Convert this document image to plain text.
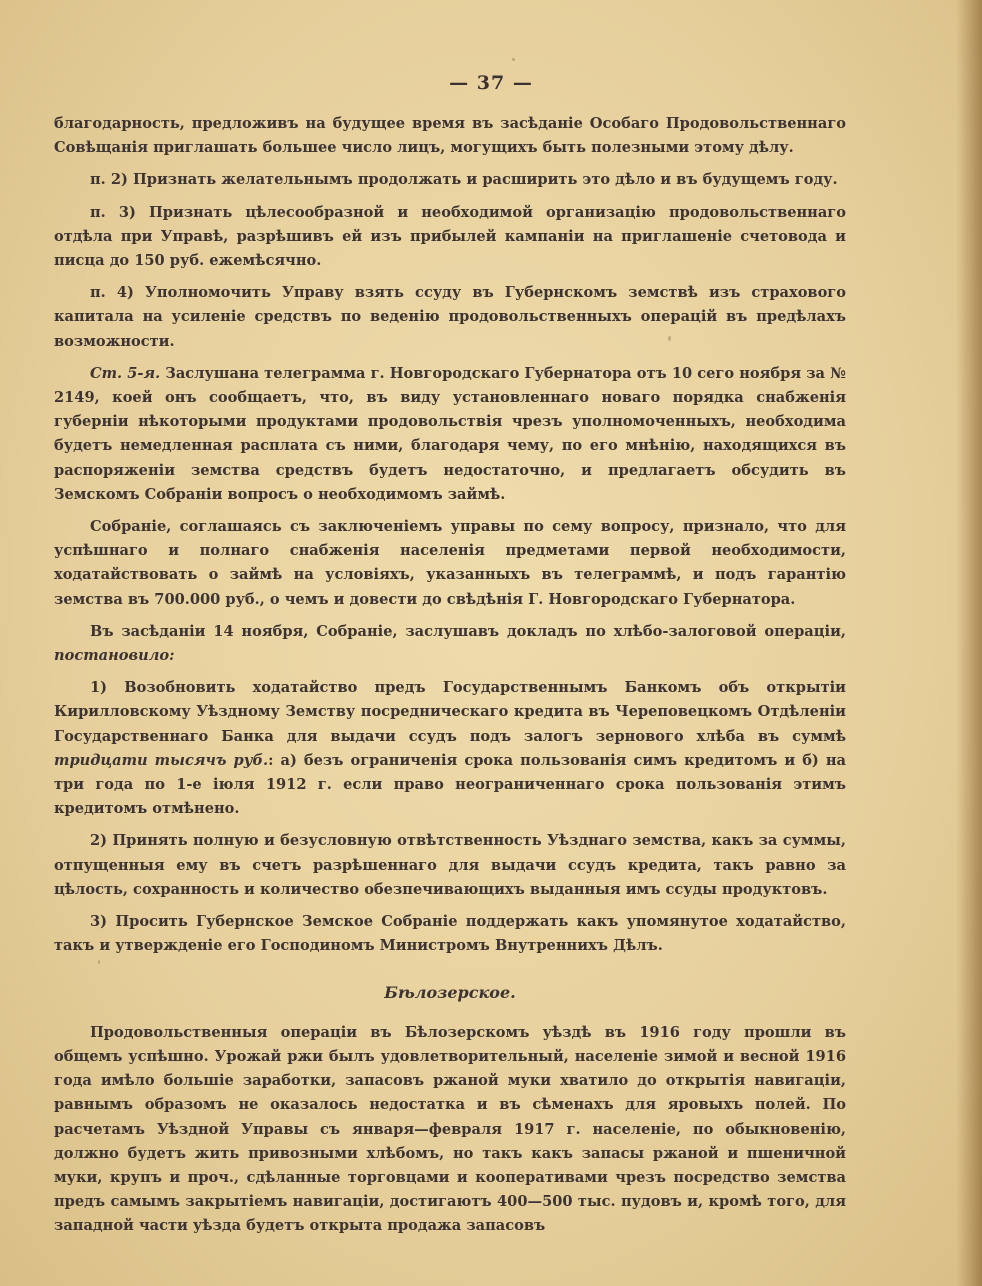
— 37 —

благодарность, предложивъ на будущее время въ засѣданіе Особаго Продовольственнаго Совѣщанія приглашать большее число лицъ, могущихъ быть полезными этому дѣлу.

п. 2) Признать желательнымъ продолжать и расширить это дѣло и въ будущемъ году.

п. 3) Признать цѣлесообразной и необходимой организацію продовольственнаго отдѣла при Управѣ, разрѣшивъ ей изъ прибылей кампаніи на приглашеніе счетовода и писца до 150 руб. ежемѣсячно.

п. 4) Уполномочить Управу взять ссуду въ Губернскомъ земствѣ изъ страхового капитала на усиленіе средствъ по веденію продовольственныхъ операцій въ предѣлахъ возможности.

Ст. 5-я. Заслушана телеграмма г. Новгородскаго Губернатора отъ 10 сего ноября за № 2149, коей онъ сообщаетъ, что, въ виду установленнаго новаго порядка снабженія губерніи нѣкоторыми продуктами продовольствія чрезъ уполномоченныхъ, необходима будетъ немедленная расплата съ ними, благодаря чему, по его мнѣнію, находящихся въ распоряженіи земства средствъ будетъ недостаточно, и предлагаетъ обсудить въ Земскомъ Собраніи вопросъ о необходимомъ займѣ.

Собраніе, соглашаясь съ заключеніемъ управы по сему вопросу, признало, что для успѣшнаго и полнаго снабженія населенія предметами первой необходимости, ходатайствовать о займѣ на условіяхъ, указанныхъ въ телеграммѣ, и подъ гарантію земства въ 700.000 руб., о чемъ и довести до свѣдѣнія Г. Новгородскаго Губернатора.

Въ засѣданіи 14 ноября, Собраніе, заслушавъ докладъ по хлѣбо-залоговой операціи, постановило:

1) Возобновить ходатайство предъ Государственнымъ Банкомъ объ открытіи Кирилловскому Уѣздному Земству посредническаго кредита въ Череповецкомъ Отдѣленіи Государственнаго Банка для выдачи ссудъ подъ залогъ зернового хлѣба въ суммѣ тридцати тысячъ руб.: а) безъ ограниченія срока пользованія симъ кредитомъ и б) на три года по 1-е іюля 1912 г. если право неограниченнаго срока пользованія этимъ кредитомъ отмѣнено.

2) Принять полную и безусловную отвѣтственность Уѣзднаго земства, какъ за суммы, отпущенныя ему въ счетъ разрѣшеннаго для выдачи ссудъ кредита, такъ равно за цѣлость, сохранность и количество обезпечивающихъ выданныя имъ ссуды продуктовъ.

3) Просить Губернское Земское Собраніе поддержать какъ упомянутое ходатайство, такъ и утвержденіе его Господиномъ Министромъ Внутреннихъ Дѣлъ.

Бѣлозерское.

Продовольственныя операціи въ Бѣлозерскомъ уѣздѣ въ 1916 году прошли въ общемъ успѣшно. Урожай ржи былъ удовлетворительный, населеніе зимой и весной 1916 года имѣло большіе заработки, запасовъ ржаной муки хватило до открытія навигаціи, равнымъ образомъ не оказалось недостатка и въ сѣменахъ для яровыхъ полей. По расчетамъ Уѣздной Управы съ января—февраля 1917 г. населеніе, по обыкновенію, должно будетъ жить привозными хлѣбомъ, но такъ какъ запасы ржаной и пшеничной муки, крупъ и проч., сдѣланные торговцами и кооперативами чрезъ посредство земства предъ самымъ закрытіемъ навигаціи, достигаютъ 400—500 тыс. пудовъ и, кромѣ того, для западной части уѣзда будетъ открыта продажа запасовъ
